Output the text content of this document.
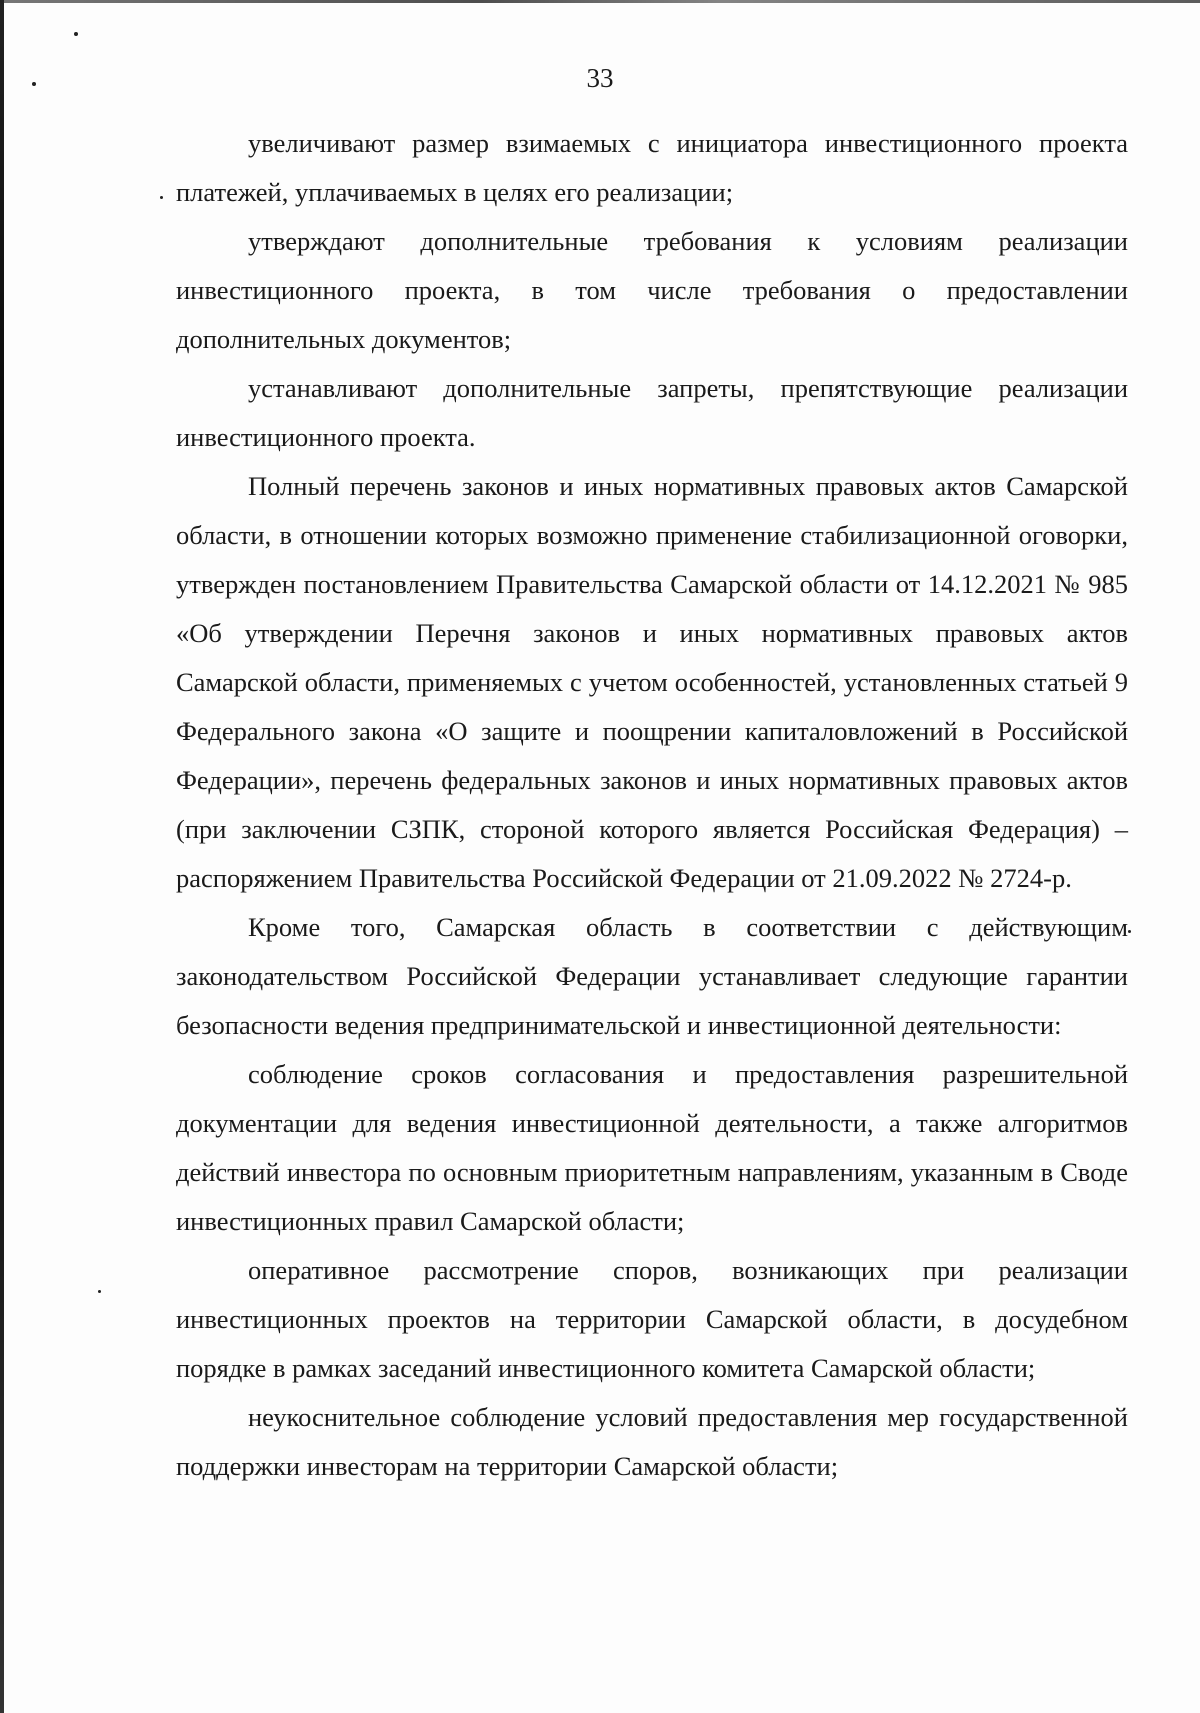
33

увеличивают размер взимаемых с инициатора инвестиционного проекта платежей, уплачиваемых в целях его реализации;

утверждают дополнительные требования к условиям реализации инвестиционного проекта, в том числе требования о предоставлении дополнительных документов;

устанавливают дополнительные запреты, препятствующие реализации инвестиционного проекта.

Полный перечень законов и иных нормативных правовых актов Самарской области, в отношении которых возможно применение стабилизационной оговорки, утвержден постановлением Правительства Самарской области от 14.12.2021 № 985 «Об утверждении Перечня законов и иных нормативных правовых актов Самарской области, применяемых с учетом особенностей, установленных статьей 9 Федерального закона «О защите и поощрении капиталовложений в Российской Федерации», перечень федеральных законов и иных нормативных правовых актов (при заключении СЗПК, стороной которого является Российская Федерация) – распоряжением Правительства Российской Федерации от 21.09.2022 № 2724-р.

Кроме того, Самарская область в соответствии с действующим законодательством Российской Федерации устанавливает следующие гарантии безопасности ведения предпринимательской и инвестиционной деятельности:

соблюдение сроков согласования и предоставления разрешительной документации для ведения инвестиционной деятельности, а также алгоритмов действий инвестора по основным приоритетным направлениям, указанным в Своде инвестиционных правил Самарской области;

оперативное рассмотрение споров, возникающих при реализации инвестиционных проектов на территории Самарской области, в досудебном порядке в рамках заседаний инвестиционного комитета Самарской области;

неукоснительное соблюдение условий предоставления мер государственной поддержки инвесторам на территории Самарской области;
